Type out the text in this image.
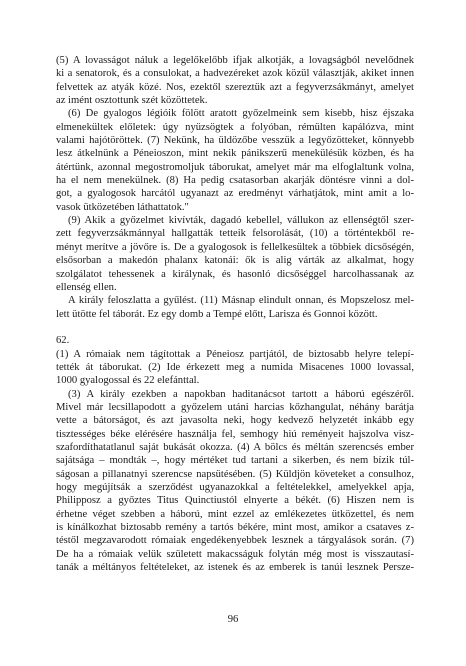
(5) A lovasságot náluk a legelőkelőbb ifjak alkotják, a lovagságból nevelődnek
ki a senatorok, és a consulokat, a hadvezéreket azok közül választják, akiket innen
felvettek az atyák közé. Nos, ezektől szereztük azt a fegyverzsákmányt, amelyet
az imént osztottunk szét közöttetek.
(6) De gyalogos légióik fölött aratott győzelmeink sem kisebb, hisz éjszaka
elmenekültek előletek: úgy nyüzsögtek a folyóban, rémülten kapálózva, mint
valami hajótöröttek. (7) Nekünk, ha üldözőbe vesszük a legyőzötteket, könnyebb
lesz átkelnünk a Péneioszon, mint nekik pánikszerű menekülésük közben, és ha
átértünk, azonnal megostromoljuk táborukat, amelyet már ma elfoglaltunk volna,
ha el nem menekülnek. (8) Ha pedig csatasorban akarják döntésre vinni a dol-
got, a gyalogosok harcától ugyanazt az eredményt várhatjátok, mint amit a lo-
vasok ütközetében láthattatok."
(9) Akik a győzelmet kivívták, dagadó kebellel, vállukon az ellenségtől szer-
zett fegyverzsákmánnyal hallgatták tetteik felsorolását, (10) a történtekből re-
ményt merítve a jövőre is. De a gyalogosok is fellelkesültek a többiek dicsőségén,
elsősorban a makedón phalanx katonái: ők is alig várták az alkalmat, hogy
szolgálatot tehessenek a királynak, és hasonló dicsőséggel harcolhassanak az
ellenség ellen.
A király feloszlatta a gyűlést. (11) Másnap elindult onnan, és Mopszelosz mel-
lett ütötte fel táborát. Ez egy domb a Tempé előtt, Larisza és Gonnoi között.
62.
(1) A rómaiak nem tágítottak a Péneiosz partjától, de biztosabb helyre telepí-
tették át táborukat. (2) Ide érkezett meg a numida Misacenes 1000 lovassal,
1000 gyalogossal és 22 elefánttal.
(3) A király ezekben a napokban haditanácsot tartott a háború egészéről.
Mivel már lecsillapodott a győzelem utáni harcias kőzhangulat, néhány barátja
vette a bátorságot, és azt javasolta neki, hogy kedvező helyzetét inkább egy
tisztességes béke elérésére használja fel, semhogy hiú reményeit hajszolva visz-
szafordíthatatlanul saját bukását okozza. (4) A bölcs és méltán szerencsés ember
sajátsága – mondták –, hogy mértéket tud tartani a sikerben, és nem bízik túl-
ságosan a pillanatnyi szerencse napsütésében. (5) Küldjön követeket a consulhoz,
hogy megújítsák a szerződést ugyanazokkal a feltételekkel, amelyekkel apja,
Philipposz a győztes Titus Quinctiustól elnyerte a békét. (6) Hiszen nem is
érhetne véget szebben a háború, mint ezzel az emlékezetes ütközettel, és nem
is kínálkozhat biztosabb remény a tartós békére, mint most, amikor a csataves z-
téstől megzavarodott rómaiak engedékenyebbek lesznek a tárgyalások során. (7)
De ha a rómaiak velük született makacsságuk folytán még most is visszautasí-
tanák a méltányos feltételeket, az istenek és az emberek is tanúi lesznek Persze-
96
